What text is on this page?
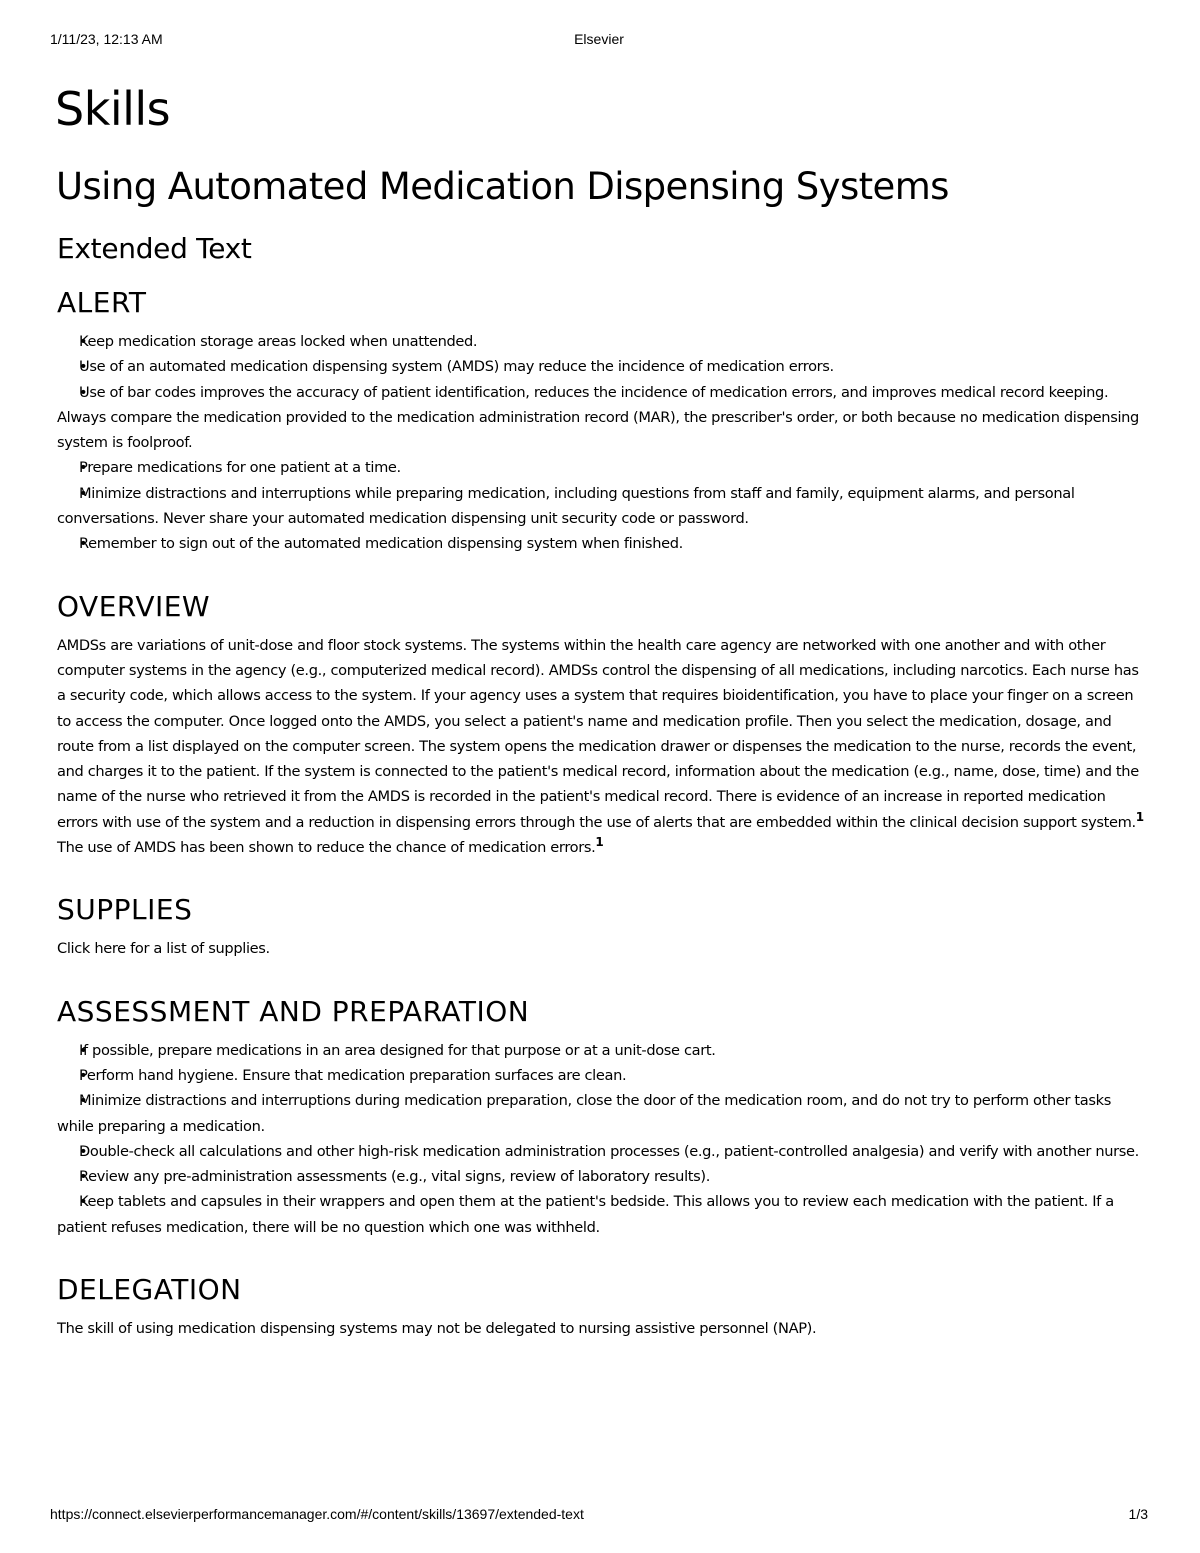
1/11/23, 12:13 AM	Elsevier
Skills
Using Automated Medication Dispensing Systems
Extended Text
ALERT
• Keep medication storage areas locked when unattended.
• Use of an automated medication dispensing system (AMDS) may reduce the incidence of medication errors.
• Use of bar codes improves the accuracy of patient identification, reduces the incidence of medication errors, and improves medical record keeping. Always compare the medication provided to the medication administration record (MAR), the prescriber's order, or both because no medication dispensing system is foolproof.
• Prepare medications for one patient at a time.
• Minimize distractions and interruptions while preparing medication, including questions from staff and family, equipment alarms, and personal conversations. Never share your automated medication dispensing unit security code or password.
• Remember to sign out of the automated medication dispensing system when finished.
OVERVIEW

AMDSs are variations of unit-dose and floor stock systems. The systems within the health care agency are networked with one another and with other computer systems in the agency (e.g., computerized medical record). AMDSs control the dispensing of all medications, including narcotics. Each nurse has a security code, which allows access to the system. If your agency uses a system that requires bioidentification, you have to place your finger on a screen to access the computer. Once logged onto the AMDS, you select a patient's name and medication profile. Then you select the medication, dosage, and route from a list displayed on the computer screen. The system opens the medication drawer or dispenses the medication to the nurse, records the event, and charges it to the patient. If the system is connected to the patient's medical record, information about the medication (e.g., name, dose, time) and the name of the nurse who retrieved it from the AMDS is recorded in the patient's medical record. There is evidence of an increase in reported medication errors with use of the system and a reduction in dispensing errors through the use of alerts that are embedded within the clinical decision support system.$^1$ The use of AMDS has been shown to reduce the chance of medication errors.$^1$

SUPPLIES

Click here for a list of supplies.

ASSESSMENT AND PREPARATION
• If possible, prepare medications in an area designed for that purpose or at a unit-dose cart.
• Perform hand hygiene. Ensure that medication preparation surfaces are clean.
• Minimize distractions and interruptions during medication preparation, close the door of the medication room, and do not try to perform other tasks while preparing a medication.
• Double-check all calculations and other high-risk medication administration processes (e.g., patient-controlled analgesia) and verify with another nurse.
• Review any pre-administration assessments (e.g., vital signs, review of laboratory results).
• Keep tablets and capsules in their wrappers and open them at the patient's bedside. This allows you to review each medication with the patient. If a patient refuses medication, there will be no question which one was withheld.
DELEGATION

The skill of using medication dispensing systems may not be delegated to nursing assistive personnel (NAP).

https://connect.elsevierperformancemanager.com/#/content/skills/13697/extended-text	1/3
